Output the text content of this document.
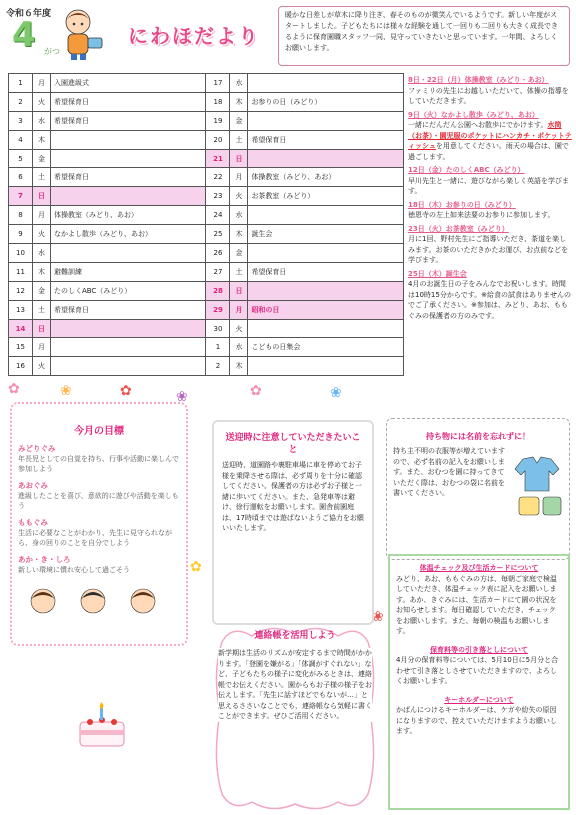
令和６年度
4 がつ
にわほだより
暖かな日差しが草木に降り注ぎ、春そのものが微笑んでいるようです。新しい年度がスタートしました。子どもたちには様々な経験を通して一回りも二回りも大きく成長できるように保育園職スタッフ一同、見守っていきたいと思っています。一年間、よろしくお願いします。
1	月	入園進級式	17	水	
2	火	希望保育日	18	木	お参りの日（みどり）
3	水	希望保育日	19	金	
4	木		20	土	希望保育日
5	金		21	日	
6	土	希望保育日	22	月	体操教室（みどり、あお）
7	日		23	火	お茶教室（みどり）
8	月	体操教室（みどり、あお）	24	水	
9	火	なかよし散歩（みどり、あお）	25	木	誕生会
10	水		26	金	
11	木	避難訓練	27	土	希望保育日
12	金	たのしくABC（みどり）	28	日	
13	土	希望保育日	29	月	昭和の日
14	日		30	火	
15	月		1	水	こどもの日集会
16	火		2	木	
8日・22日（月）体操教室（みどり・あお）
ファミリの先生にお越しいただいて、体操の指導をしていただきます。
9日（火）なかよし散歩（みどり、あお）
一緒にだんだん公園へお散歩にでかけます。水筒（お茶）・園児服のポケットにハンカチ・ポケットティッシュを用意してください。雨天の場合は、園で過ごします。
12日（金）たのしくABC（みどり）
早川先生と一緒に、遊びながら楽しく英語を学びます。
18日（木）お参りの日（みどり）
徳恩寺の左上如来法要のお参りに参加します。
23日（火）お茶教室（みどり）
月に1回、野村先生にご指導いただき、茶道を楽しみます。お茶のいただきかたお運び、お点前などを学びます。
25日（木）誕生会
4月のお誕生日の子をみんなでお祝いします。時間は10時15分からです。※給食の試食はありませんのでご了承ください。※参加は、みどり、あお、ももぐみの保護者の方のみです。
✿	❀	✿	❀	✿	❀
✿
❀
今月の目標
みどりぐみ
年長児としての自覚を持ち、行事や活動に楽しんで参加しよう
あおぐみ
進級したことを喜び、意欲的に遊びや活動を楽しもう
ももぐみ
生活に必要なことがわかり、先生に見守られながら、身の回りのことを自分でしよう
あか・き・しろ
新しい環境に慣れ安心して過ごそう
送迎時に注意していただきたいこと
送迎時、道園路や裏駐車場に車を停めてお子様を乗降させる際は、必ず周りを十分に確認してください。保護者の方は必ずお子様と一緒に歩いてください。また、急発車等は避け、徐行運転をお願いします。園舎前園庭は、17時頃までは遊ばないようご協力をお願いいたします。
連絡帳を活用しよう
新学期は生活のリズムが安定するまで時間がかかります。「登園を嫌がる」「体調がすぐれない」など、子どもたちの様子に変化がみるときは、連絡帳でお伝えください。園からもお子様の様子をお伝えします。「先生に話すほどでもないが…」と思えるささいなことでも、連絡帳なら気軽に書くことができます。ぜひご活用ください。
持ち物には名前を忘れずに！
持ち主不明の衣服等が増えていますので、必ず名前の記入をお願いします。また、おむつを園に持ってきていただく際は、おむつの袋に名前を書いてください。
体温チェック及び生活カードについて
みどり、あお、ももぐみの方は、毎朝ご家庭で検温していただき、体温チェック表に記入をお願いします。あか、きぐみには、生活カードにて園の状況をお知らせします。毎日確認していただき、チェックをお願いします。また、毎朝の検温もお願いします。
保育料等の引き落としについて
4月分の保育料等については、5月10日に5月分と合わせて引き落としさせていただきますので、よろしくお願いします。
キーホルダーについて
かばんにつけるキーホルダーは、ケガや紛失の原因になりますので、控えていただけますようお願いします。
